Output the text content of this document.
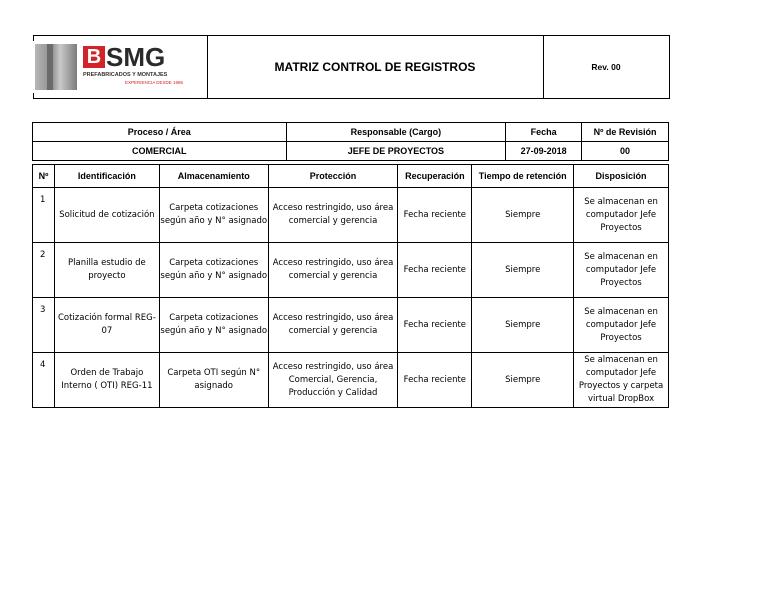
B SMG
PREFABRICADOS Y MONTAJES
EXPERIENCIA DESDE 1986
MATRIZ CONTROL DE REGISTROS	Rev. 00
Proceso / Área	Responsable (Cargo)	Fecha	Nº de Revisión
COMERCIAL	JEFE DE PROYECTOS	27-09-2018	00
Nº	Identificación	Almacenamiento	Protección	Recuperación	Tiempo de retención	Disposición
1	Solicitud de cotización	Carpeta cotizaciones según año y N° asignado	Acceso restringido, uso área comercial y gerencia	Fecha reciente	Siempre	Se almacenan en computador Jefe Proyectos
2	Planilla estudio de proyecto	Carpeta cotizaciones según año y N° asignado	Acceso restringido, uso área comercial y gerencia	Fecha reciente	Siempre	Se almacenan en computador Jefe Proyectos
3	Cotización formal REG-07	Carpeta cotizaciones según año y N° asignado	Acceso restringido, uso área comercial y gerencia	Fecha reciente	Siempre	Se almacenan en computador Jefe Proyectos
4	Orden de Trabajo Interno ( OTI) REG-11	Carpeta OTI según N° asignado	Acceso restringido, uso área Comercial, Gerencia, Producción y Calidad	Fecha reciente	Siempre	Se almacenan en computador Jefe Proyectos y carpeta virtual DropBox
